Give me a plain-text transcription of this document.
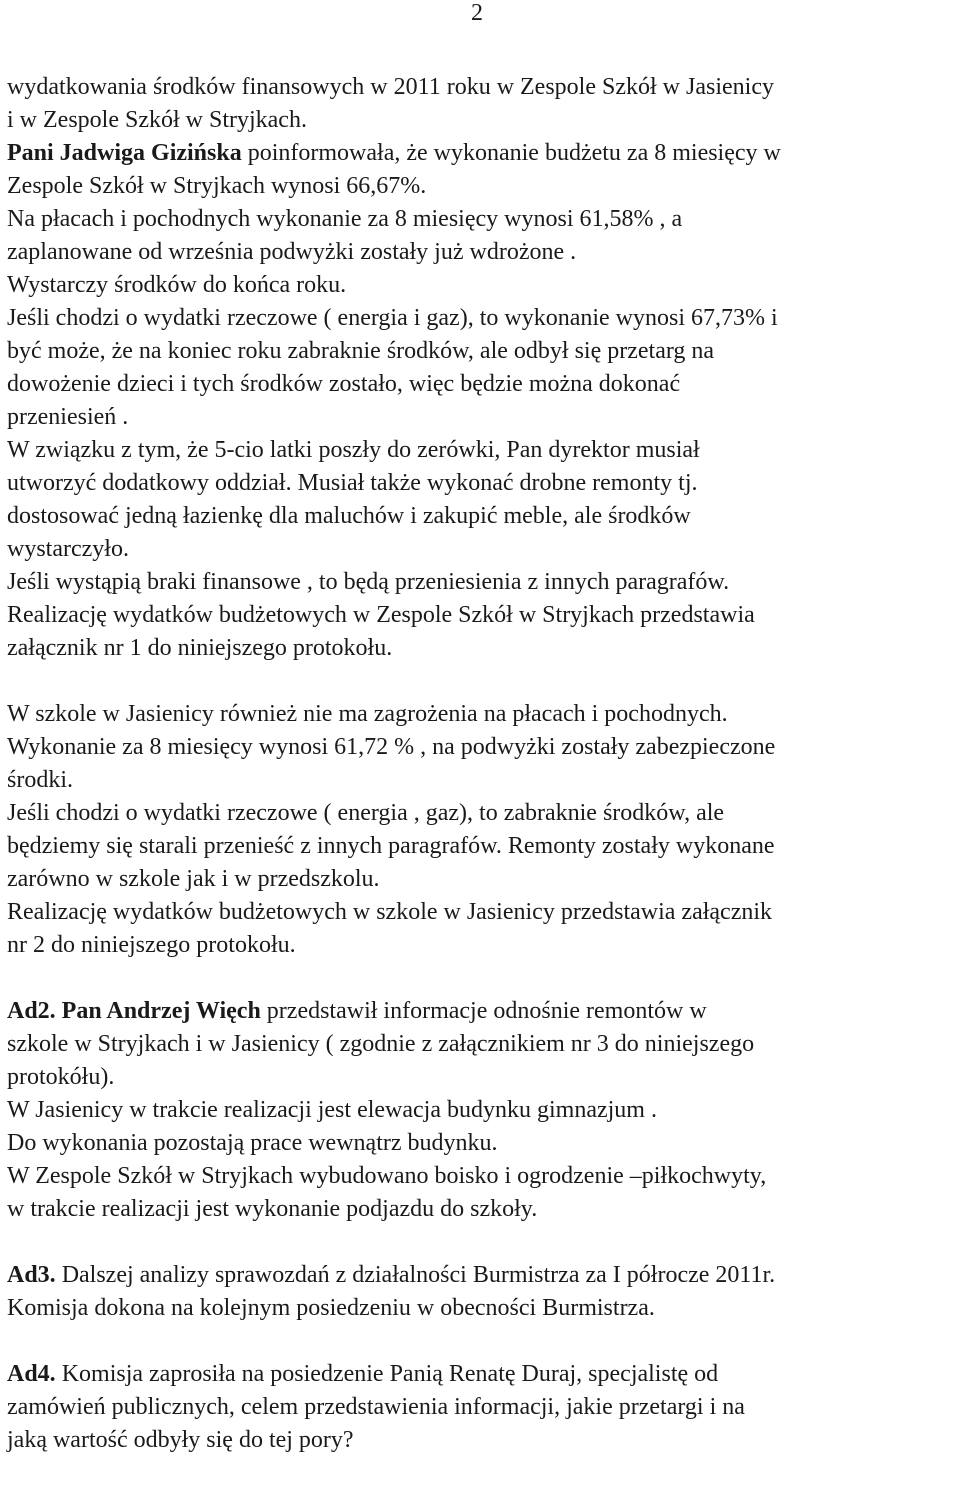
2
wydatkowania środków finansowych w 2011 roku w Zespole Szkół w Jasienicy
i w Zespole Szkół w Stryjkach.
Pani Jadwiga Gizińska poinformowała, że wykonanie budżetu za 8 miesięcy w
Zespole Szkół w Stryjkach wynosi 66,67%.
Na płacach i pochodnych wykonanie za 8 miesięcy wynosi 61,58% , a
zaplanowane od września podwyżki zostały już wdrożone .
Wystarczy środków do końca roku.
Jeśli chodzi o wydatki rzeczowe ( energia i gaz), to wykonanie wynosi 67,73% i
być może, że na koniec roku zabraknie środków, ale odbył się przetarg na
dowożenie dzieci i tych środków zostało, więc będzie można dokonać
przeniesień .
W związku z tym, że 5-cio latki poszły do zerówki, Pan dyrektor musiał
utworzyć dodatkowy oddział. Musiał także wykonać drobne remonty tj.
dostosować jedną łazienkę dla maluchów i zakupić meble, ale środków
wystarczyło.
Jeśli wystąpią braki finansowe , to będą przeniesienia z innych paragrafów.
Realizację wydatków budżetowych w Zespole Szkół w Stryjkach przedstawia
załącznik nr 1 do niniejszego protokołu.
W szkole w Jasienicy również nie ma zagrożenia na płacach i pochodnych.
Wykonanie za 8 miesięcy wynosi 61,72 % , na podwyżki zostały zabezpieczone
środki.
Jeśli chodzi o wydatki rzeczowe ( energia , gaz), to zabraknie środków, ale
będziemy się starali przenieść z innych paragrafów. Remonty zostały wykonane
zarówno w szkole jak i w przedszkolu.
Realizację wydatków budżetowych w szkole w Jasienicy przedstawia załącznik
nr 2 do niniejszego protokołu.
Ad2. Pan Andrzej Więch przedstawił informacje odnośnie remontów w
szkole w Stryjkach i w Jasienicy ( zgodnie z załącznikiem nr 3 do niniejszego
protokółu).
W Jasienicy w trakcie realizacji jest elewacja budynku gimnazjum .
Do wykonania pozostają prace wewnątrz budynku.
W Zespole Szkół w Stryjkach wybudowano boisko i ogrodzenie –piłkochwyty,
w trakcie realizacji jest wykonanie podjazdu do szkoły.
Ad3. Dalszej analizy sprawozdań z działalności Burmistrza za I półrocze 2011r.
Komisja dokona na kolejnym posiedzeniu w obecności Burmistrza.
Ad4. Komisja zaprosiła na posiedzenie Panią Renatę Duraj, specjalistę od
zamówień publicznych, celem przedstawienia informacji, jakie przetargi i na
jaką wartość odbyły się do tej pory?
